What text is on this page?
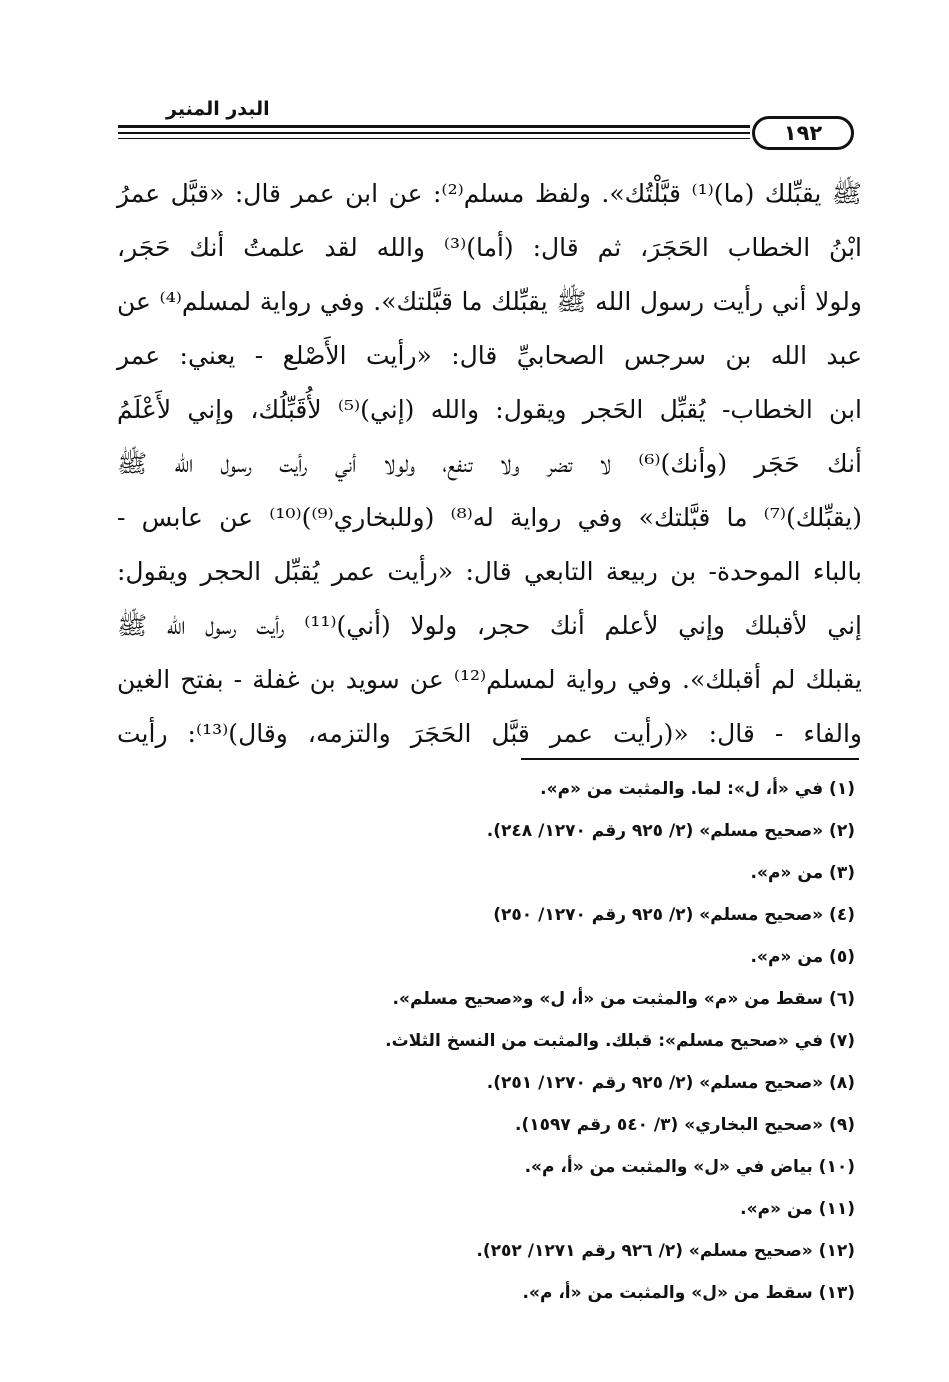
البدر المنير
١٩٢
ﷺ يقبِّلك (ما)⁽¹⁾ قبَّلْتُك». ولفظ مسلم⁽²⁾: عن ابن عمر قال: «قبَّل عمرُ
ابْنُ الخطاب الحَجَرَ، ثم قال: (أما)⁽³⁾ والله لقد علمتُ أنك حَجَر،
ولولا أني رأيت رسول الله ﷺ يقبِّلك ما قبَّلتك». وفي رواية لمسلم⁽⁴⁾ عن
عبد الله بن سرجس الصحابيِّ قال: «رأيت الأَصْلع - يعني: عمر
ابن الخطاب- يُقبِّل الحَجر ويقول: والله (إني)⁽⁵⁾ لأُقَبِّلُك، وإني لأَعْلَمُ
أنك حَجَر (وأنك)⁽⁶⁾ لا تضر ولا تنفع، ولولا أني رأيت رسول الله ﷺ
(يقبِّلك)⁽⁷⁾ ما قبَّلتك» وفي رواية له⁽⁸⁾ (وللبخاري⁽⁹⁾)⁽¹⁰⁾ عن عابس -
بالباء الموحدة- بن ربيعة التابعي قال: «رأيت عمر يُقبِّل الحجر ويقول:
إني لأقبلك وإني لأعلم أنك حجر، ولولا (أني)⁽¹¹⁾ رأيت رسول الله ﷺ
يقبلك لم أقبلك». وفي رواية لمسلم⁽¹²⁾ عن سويد بن غفلة - بفتح الغين
والفاء - قال: «(رأيت عمر قبَّل الحَجَرَ والتزمه، وقال)⁽¹³⁾: رأيت
(١) في «أ، ل»: لما. والمثبت من «م».
(٢) «صحيح مسلم» (٢/ ٩٢٥ رقم ١٢٧٠/ ٢٤٨).
(٣) من «م».
(٤) «صحيح مسلم» (٢/ ٩٢٥ رقم ١٢٧٠/ ٢٥٠)
(٥) من «م».
(٦) سقط من «م» والمثبت من «أ، ل» و«صحيح مسلم».
(٧) في «صحيح مسلم»: قبلك. والمثبت من النسخ الثلاث.
(٨) «صحيح مسلم» (٢/ ٩٢٥ رقم ١٢٧٠/ ٢٥١).
(٩) «صحيح البخاري» (٣/ ٥٤٠ رقم ١٥٩٧).
(١٠) بياض في «ل» والمثبت من «أ، م».
(١١) من «م».
(١٢) «صحيح مسلم» (٢/ ٩٢٦ رقم ١٢٧١/ ٢٥٢).
(١٣) سقط من «ل» والمثبت من «أ، م».
